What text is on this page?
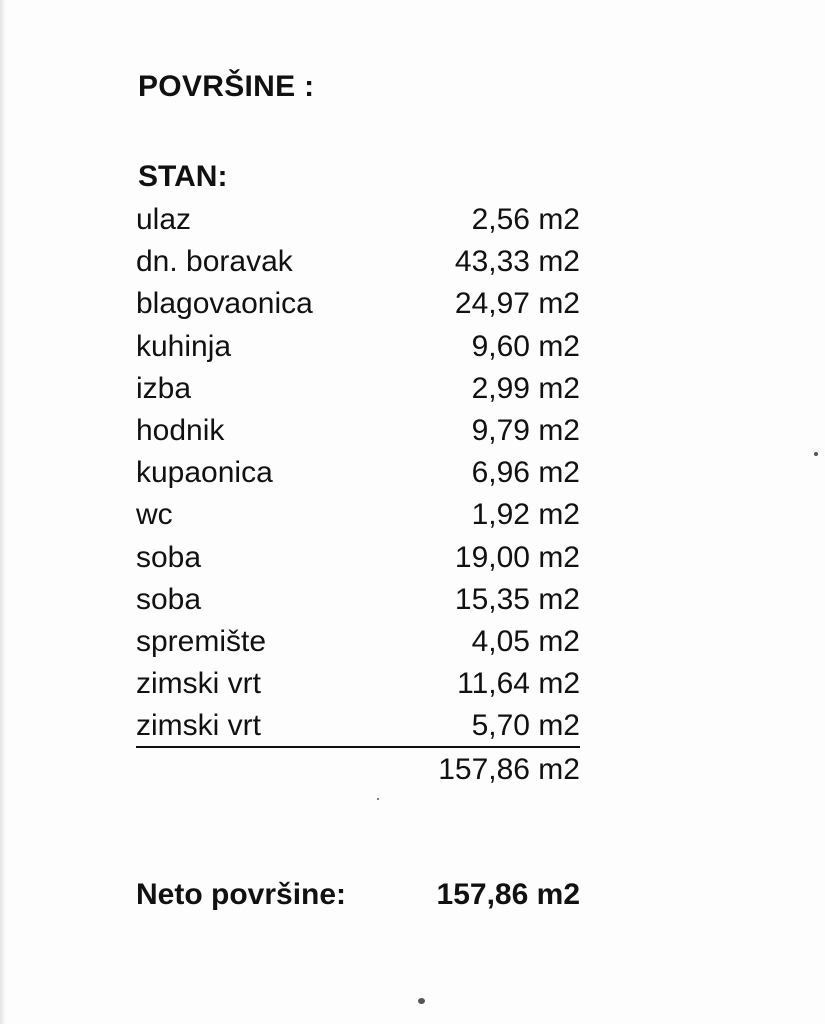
POVRŠINE :
STAN:
ulaz	2,56 m2
dn. boravak	43,33 m2
blagovaonica	24,97 m2
kuhinja	9,60 m2
izba	2,99 m2
hodnik	9,79 m2
kupaonica	6,96 m2
wc	1,92 m2
soba	19,00 m2
soba	15,35 m2
spremište	4,05 m2
zimski vrt	11,64 m2
zimski vrt	5,70 m2
157,86 m2
Neto površine:	157,86 m2
